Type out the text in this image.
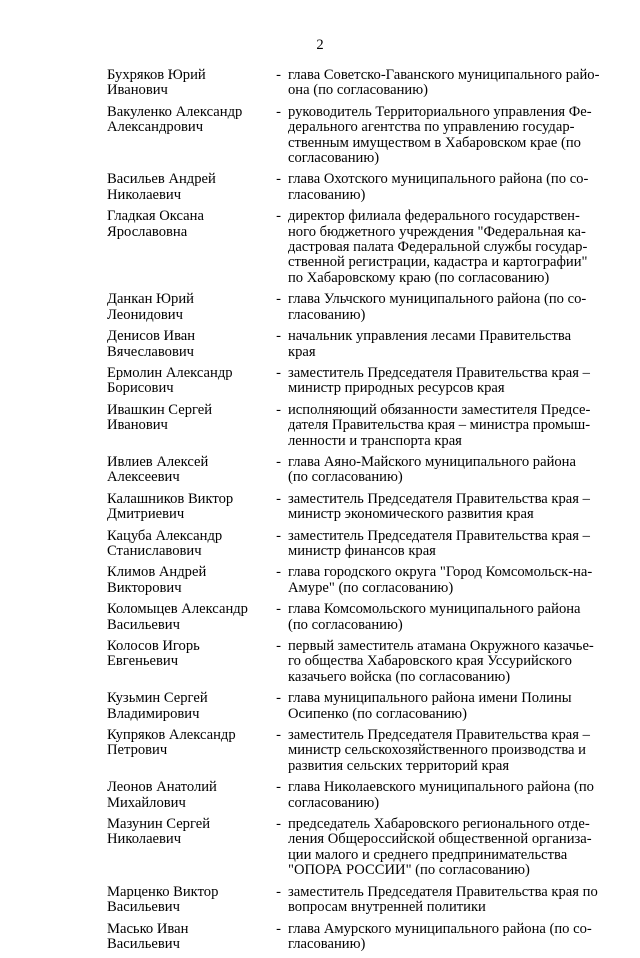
2
Бухряков Юрий
Иванович
- глава Советско-Гаванского муниципального райо-
она (по согласованию)
Вакуленко Александр
Александрович
- руководитель Территориального управления Фе-
дерального агентства по управлению государ-
ственным имуществом в Хабаровском крае (по
согласованию)
Васильев Андрей
Николаевич
- глава Охотского муниципального района (по со-
гласованию)
Гладкая Оксана
Ярославовна
- директор филиала федерального государствен-
ного бюджетного учреждения "Федеральная ка-
дастровая палата Федеральной службы государ-
ственной регистрации, кадастра и картографии"
по Хабаровскому краю (по согласованию)
Данкан Юрий
Леонидович
- глава Ульчского муниципального района (по со-
гласованию)
Денисов Иван
Вячеславович
- начальник управления лесами Правительства
края
Ермолин Александр
Борисович
- заместитель Председателя Правительства края –
министр природных ресурсов края
Ивашкин Сергей
Иванович
- исполняющий обязанности заместителя Предсе-
дателя Правительства края – министра промыш-
ленности и транспорта края
Ивлиев Алексей
Алексеевич
- глава Аяно-Майского муниципального района
(по согласованию)
Калашников Виктор
Дмитриевич
- заместитель Председателя Правительства края –
министр экономического развития края
Кацуба Александр
Станиславович
- заместитель Председателя Правительства края –
министр финансов края
Климов Андрей
Викторович
- глава городского округа "Город Комсомольск-на-
Амуре" (по согласованию)
Коломыцев Александр
Васильевич
- глава Комсомольского муниципального района
(по согласованию)
Колосов Игорь
Евгеньевич
- первый заместитель атамана Окружного казачье-
го общества Хабаровского края Уссурийского
казачьего войска (по согласованию)
Кузьмин Сергей
Владимирович
- глава муниципального района имени Полины
Осипенко (по согласованию)
Купряков Александр
Петрович
- заместитель Председателя Правительства края –
министр сельскохозяйственного производства и
развития сельских территорий края
Леонов Анатолий
Михайлович
- глава Николаевского муниципального района (по
согласованию)
Мазунин Сергей
Николаевич
- председатель Хабаровского регионального отде-
ления Общероссийской общественной организа-
ции малого и среднего предпринимательства
"ОПОРА РОССИИ" (по согласованию)
Марценко Виктор
Васильевич
- заместитель Председателя Правительства края по
вопросам внутренней политики
Масько Иван
Васильевич
- глава Амурского муниципального района (по со-
гласованию)
